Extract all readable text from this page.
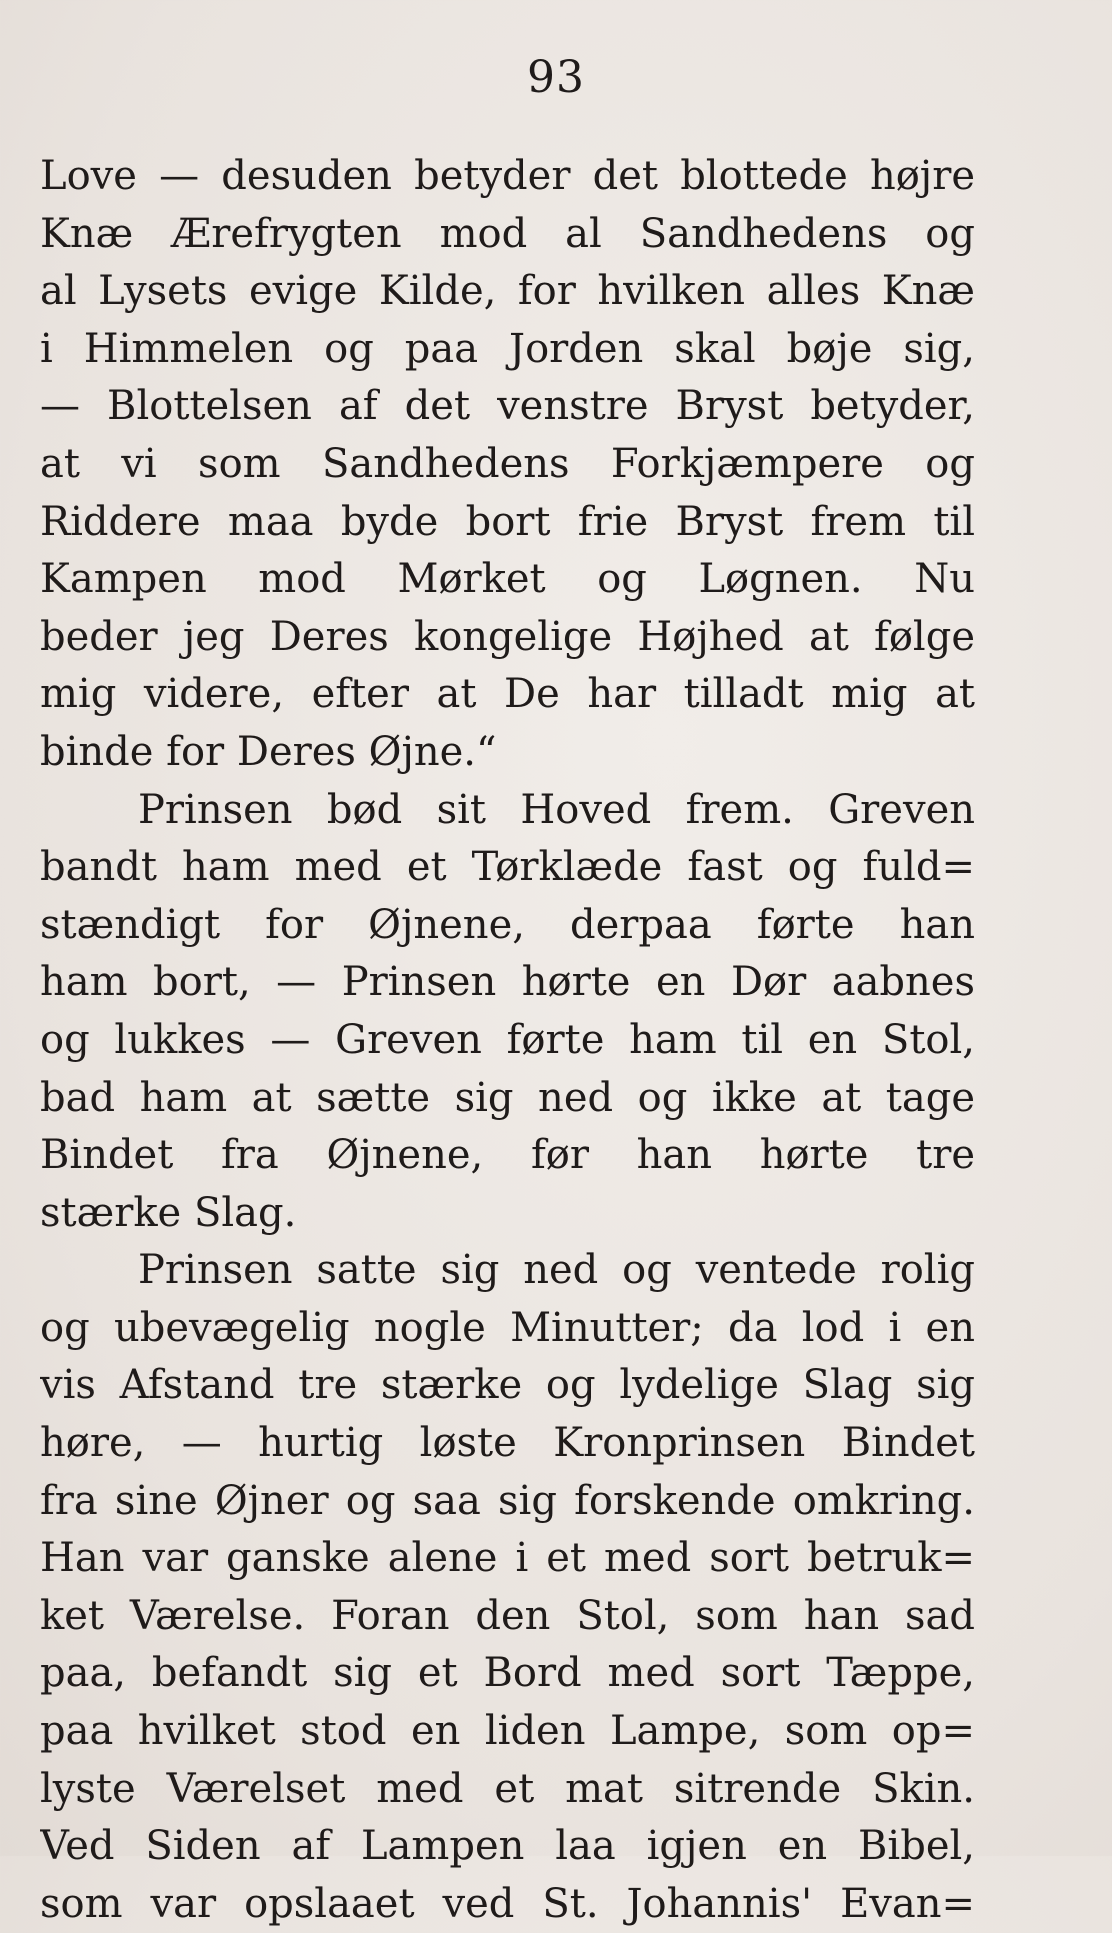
93
Love — desuden betyder det blottede højre
Knæ Ærefrygten mod al Sandhedens og
al Lysets evige Kilde, for hvilken alles Knæ
i Himmelen og paa Jorden skal bøje sig,
— Blottelsen af det venstre Bryst betyder,
at vi som Sandhedens Forkjæmpere og
Riddere maa byde bort frie Bryst frem til
Kampen mod Mørket og Løgnen. Nu
beder jeg Deres kongelige Højhed at følge
mig videre, efter at De har tilladt mig at
binde for Deres Øjne.“
Prinsen bød sit Hoved frem. Greven
bandt ham med et Tørklæde fast og fuld=
stændigt for Øjnene, derpaa førte han
ham bort, — Prinsen hørte en Dør aabnes
og lukkes — Greven førte ham til en Stol,
bad ham at sætte sig ned og ikke at tage
Bindet fra Øjnene, før han hørte tre
stærke Slag.
Prinsen satte sig ned og ventede rolig
og ubevægelig nogle Minutter; da lod i en
vis Afstand tre stærke og lydelige Slag sig
høre, — hurtig løste Kronprinsen Bindet
fra sine Øjner og saa sig forskende omkring.
Han var ganske alene i et med sort betruk=
ket Værelse. Foran den Stol, som han sad
paa, befandt sig et Bord med sort Tæppe,
paa hvilket stod en liden Lampe, som op=
lyste Værelset med et mat sitrende Skin.
Ved Siden af Lampen laa igjen en Bibel,
som var opslaaet ved St. Johannis' Evan=
